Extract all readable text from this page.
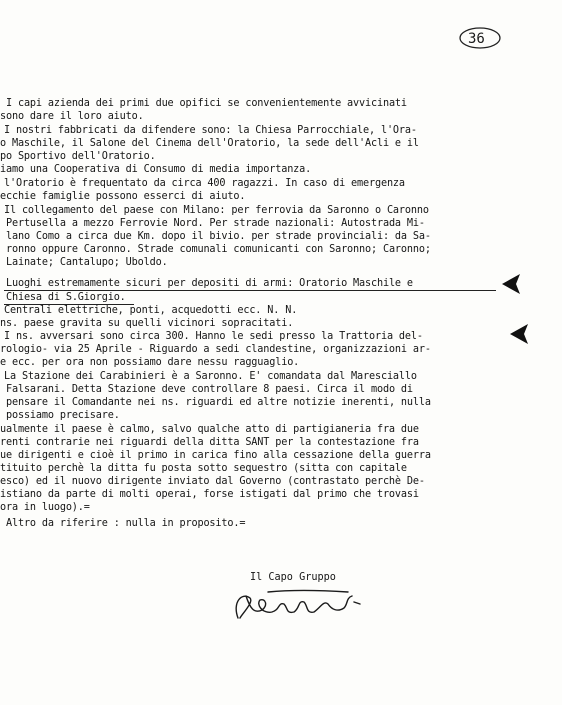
36
I capi azienda dei primi due opifici se convenientemente avvicinati
sono dare il loro aiuto.
I nostri fabbricati da difendere sono: la Chiesa Parrocchiale, l'Ora-
o Maschile, il Salone del Cinema dell'Oratorio, la sede dell'Acli e il
po Sportivo dell'Oratorio.
iamo una Cooperativa di Consumo di media importanza.
l'Oratorio è frequentato da circa 400 ragazzi. In caso di emergenza
ecchie famiglie possono esserci di aiuto.
Il collegamento del paese con Milano: per ferrovia da Saronno o Caronno
Pertusella a mezzo Ferrovie Nord. Per strade nazionali: Autostrada Mi-
lano Como a circa due Km. dopo il bivio. per strade provinciali: da Sa-
ronno oppure Caronno. Strade comunali comunicanti con Saronno; Caronno;
Lainate; Cantalupo; Uboldo.
Luoghi estremamente sicuri per depositi di armi: Oratorio Maschile e
Chiesa di S.Giorgio.
Centrali elettriche, ponti, acquedotti ecc. N. N.
ns. paese gravita su quelli vicinori sopracitati.
I ns. avversari sono circa 300. Hanno le sedi presso la Trattoria del-
rologio- via 25 Aprile - Riguardo a sedi clandestine, organizzazioni ar-
e ecc. per ora non possiamo dare nessu ragguaglio.
La Stazione dei Carabinieri è a Saronno. E' comandata dal Maresciallo
Falsarani. Detta Stazione deve controllare 8 paesi. Circa il modo di
pensare il Comandante nei ns. riguardi ed altre notizie inerenti, nulla
possiamo precisare.
ualmente il paese è calmo, salvo qualche atto di partigianeria fra due
renti contrarie nei riguardi della ditta SANT per la contestazione fra
ue dirigenti e cioè il primo in carica fino alla cessazione della guerra
tituito perchè la ditta fu posta sotto sequestro (sitta con capitale
esco) ed il nuovo dirigente inviato dal Governo (contrastato perchè De-
istiano da parte di molti operai, forse istigati dal primo che trovasi
ora in luogo).=
Altro da riferire : nulla in proposito.=
Il Capo Gruppo
